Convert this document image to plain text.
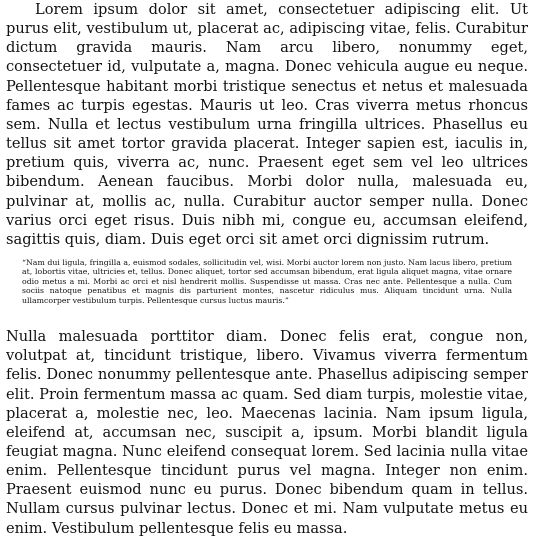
Lorem ipsum dolor sit amet, consectetuer adipiscing elit. Ut purus elit, vestibulum ut, placerat ac, adipiscing vitae, felis. Curabitur dictum gravida mauris. Nam arcu libero, nonummy eget, consectetuer id, vulputate a, magna. Donec vehicula augue eu neque. Pellentesque habitant morbi tristique senectus et netus et malesuada fames ac turpis egestas. Mauris ut leo. Cras viverra metus rhoncus sem. Nulla et lectus vestibulum urna fringilla ultrices. Phasellus eu tellus sit amet tortor gravida placerat. Integer sapien est, iaculis in, pretium quis, viverra ac, nunc. Praesent eget sem vel leo ultrices bibendum. Aenean faucibus. Morbi dolor nulla, malesuada eu, pulvinar at, mollis ac, nulla. Curabitur auctor semper nulla. Donec varius orci eget risus. Duis nibh mi, congue eu, accumsan eleifend, sagittis quis, diam. Duis eget orci sit amet orci dignissim rutrum.

“Nam dui ligula, fringilla a, euismod sodales, sollicitudin vel, wisi. Morbi auctor lorem non justo. Nam lacus libero, pretium at, lobortis vitae, ultricies et, tellus. Donec aliquet, tortor sed accumsan bibendum, erat ligula aliquet magna, vitae ornare odio metus a mi. Morbi ac orci et nisl hendrerit mollis. Suspendisse ut massa. Cras nec ante. Pellentesque a nulla. Cum sociis natoque penatibus et magnis dis parturient montes, nascetur ridiculus mus. Aliquam tincidunt urna. Nulla ullamcorper vestibulum turpis. Pellentesque cursus luctus mauris.”

Nulla malesuada porttitor diam. Donec felis erat, congue non, volutpat at, tincidunt tristique, libero. Vivamus viverra fermentum felis. Donec nonummy pellentesque ante. Phasellus adipiscing semper elit. Proin fermentum massa ac quam. Sed diam turpis, molestie vitae, placerat a, molestie nec, leo. Maecenas lacinia. Nam ipsum ligula, eleifend at, accumsan nec, suscipit a, ipsum. Morbi blandit ligula feugiat magna. Nunc eleifend consequat lorem. Sed lacinia nulla vitae enim. Pellentesque tincidunt purus vel magna. Integer non enim. Praesent euismod nunc eu purus. Donec bibendum quam in tellus. Nullam cursus pulvinar lectus. Donec et mi. Nam vulputate metus eu enim. Vestibulum pellentesque felis eu massa.
